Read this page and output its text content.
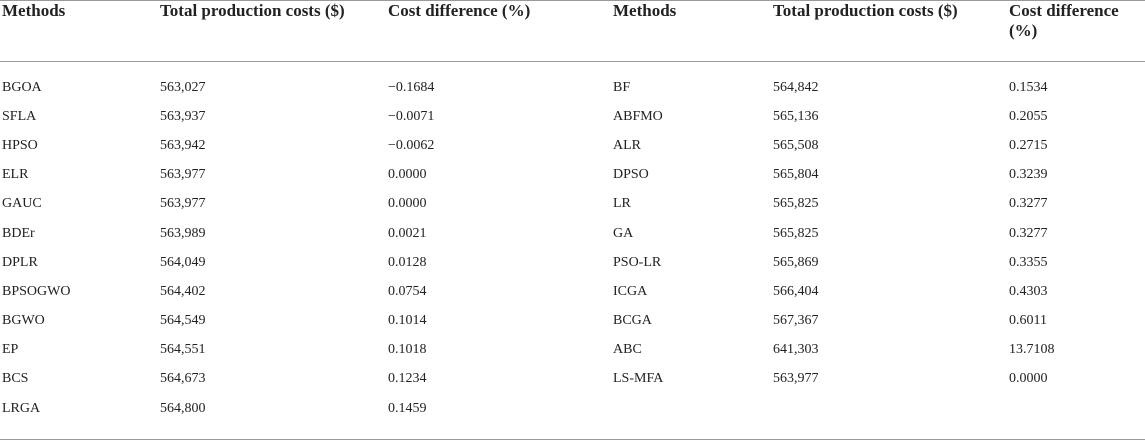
Methods	Total production costs ($)	Cost difference (%)	Methods	Total production costs ($)	Cost difference (%)

BGOA	563,027	−0.1684	BF	564,842	0.1534
SFLA	563,937	−0.0071	ABFMO	565,136	0.2055
HPSO	563,942	−0.0062	ALR	565,508	0.2715
ELR	563,977	0.0000	DPSO	565,804	0.3239
GAUC	563,977	0.0000	LR	565,825	0.3277
BDEr	563,989	0.0021	GA	565,825	0.3277
DPLR	564,049	0.0128	PSO-LR	565,869	0.3355
BPSOGWO	564,402	0.0754	ICGA	566,404	0.4303
BGWO	564,549	0.1014	BCGA	567,367	0.6011
EP	564,551	0.1018	ABC	641,303	13.7108
BCS	564,673	0.1234	LS-MFA	563,977	0.0000
LRGA	564,800	0.1459			
